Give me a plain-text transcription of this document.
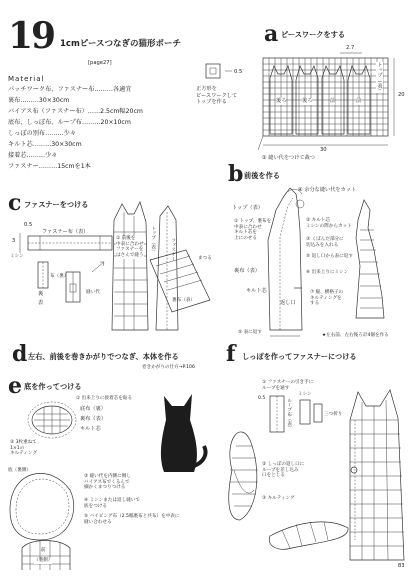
19 1cmピースつなぎの猫形ポーチ
[page27]
Material
パッチワーク布、ファスナー布………各適宜
裏布………30×30cm
バイアス布（ファスナー布）……2.5cm幅20cm
底布、しっぽ布、ループ布………20×10cm
しっぽの別布………少々
キルト芯………30×30cm
接着芯………少々
ファスナー………15cmを1本
a ピースワークをする
0.5
正方形を
ピースワークして
トップを作る
2.7
20
30
後ろ	後ろ	前	前
トップ（表）
① 縫い代をつけて裁つ
b 前後を作る
④ 余分な縫い代をカット
トップ（表）
① トップ、裏布を
中表に合わせ
キルト芯を
上にのせる
② キルト芯
ミシンの際からカット
③ くぼんだ部分に
切込みを入れる
⑤ 返し口から表に返す
⑥ 出来上りにミシン
⑦ 縦、横格子の
キルティングを
する
裏布（表）
キルト芯
返し口
⑤ 表に返す
★左右前、左右後ろ計4個を作る
c ファスナーをつける
0.5
3
ファスナー布（表）
ミシン
布（裏）
表
裏	縫い代
① 前後を
中表に合わせ
ファスナーを
はさんで縫う	ファスナー
トップ（表）
まつる
裏布（表）
d 左右、前後を巻きかがりでつなぎ、本体を作る
巻きかがりの仕方→P.106
e 底を作ってつける
① 出来上りに接着芯を貼る
底布（裏）
裏布（表）
キルト芯
② 3枚重ねて
1×1の
キルティング
底（裏側）
③ 縫い代を内側に倒し
バイアス布でくるんで
細かくまつりつける
④ ミシンまたは返し縫いで
底をつける
⑤ バイピング布（2.5幅裏布と共布）を中表に
縫い合わせる
前
（裏側）
f しっぽを作ってファスナーにつける
① ファスナーの引き手に
ループを通す
ループ布（表）
ミシン
0.5
三つ折り
② しっぽの返し口に
ループを差し込み
口をとじる
③ キルティング
83
